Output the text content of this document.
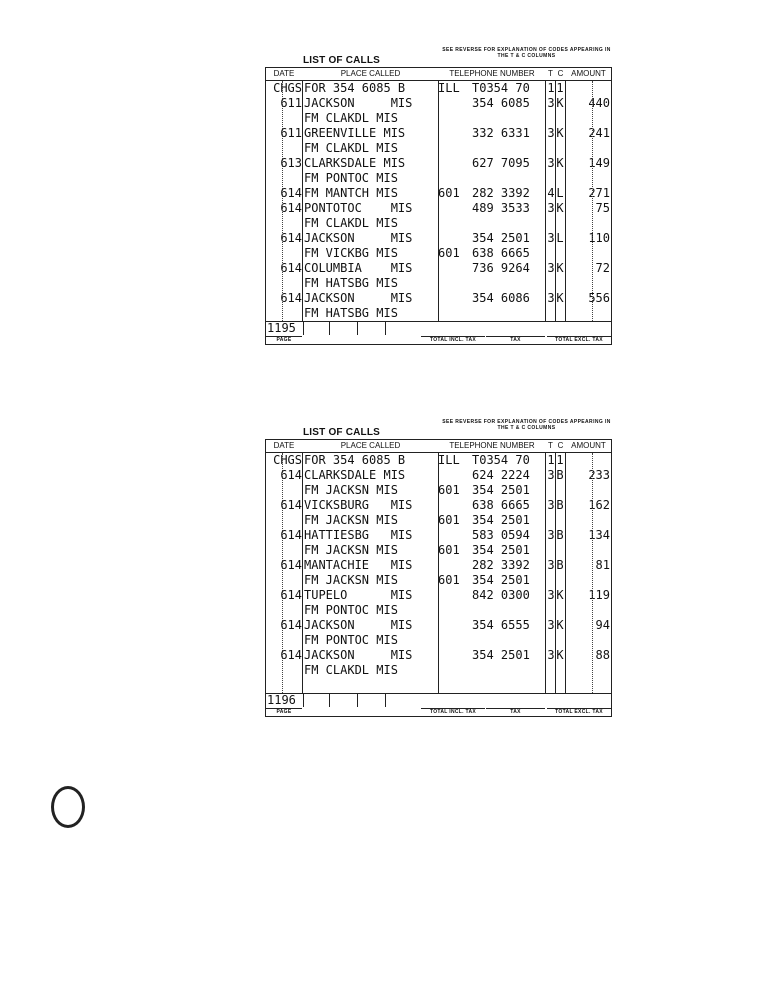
LIST OF CALLS
SEE REVERSE FOR EXPLANATION OF CODES APPEARING IN THE T & C COLUMNS
DATE	PLACE CALLED	TELEPHONE NUMBER	T C AMOUNT
CHGS FOR 354 6085 B	ILL T0354 70 1 1
611 JACKSON     MIS	354 6085 3 K	440
FM CLAKDL MIS
611 GREENVILLE MIS	332 6331 3 K	241
FM CLAKDL MIS
613 CLARKSDALE MIS	627 7095 3 K	149
FM PONTOC MIS
614 FM MANTCH MIS	601 282 3392 4 L	271
614 PONTOTOC    MIS	489 3533 3 K	75
FM CLAKDL MIS
614 JACKSON     MIS	354 2501 3 L	110
FM VICKBG MIS	601 638 6665
614 COLUMBIA    MIS	736 9264 3 K	72
FM HATSBG MIS
614 JACKSON     MIS	354 6086 3 K	556
FM HATSBG MIS
1195
PAGE	TOTAL INCL. TAX	TAX	TOTAL EXCL. TAX
LIST OF CALLS
SEE REVERSE FOR EXPLANATION OF CODES APPEARING IN THE T & C COLUMNS
DATE	PLACE CALLED	TELEPHONE NUMBER	T C AMOUNT
CHGS FOR 354 6085 B	ILL T0354 70 1 1
614 CLARKSDALE MIS	624 2224 3 B	233
FM JACKSN MIS	601 354 2501
614 VICKSBURG   MIS	638 6665 3 B	162
FM JACKSN MIS	601 354 2501
614 HATTIESBG   MIS	583 0594 3 B	134
FM JACKSN MIS	601 354 2501
614 MANTACHIE   MIS	282 3392 3 B	81
FM JACKSN MIS	601 354 2501
614 TUPELO      MIS	842 0300 3 K	119
FM PONTOC MIS
614 JACKSON     MIS	354 6555 3 K	94
FM PONTOC MIS
614 JACKSON     MIS	354 2501 3 K	88
FM CLAKDL MIS
1196
PAGE	TOTAL INCL. TAX	TAX	TOTAL EXCL. TAX
